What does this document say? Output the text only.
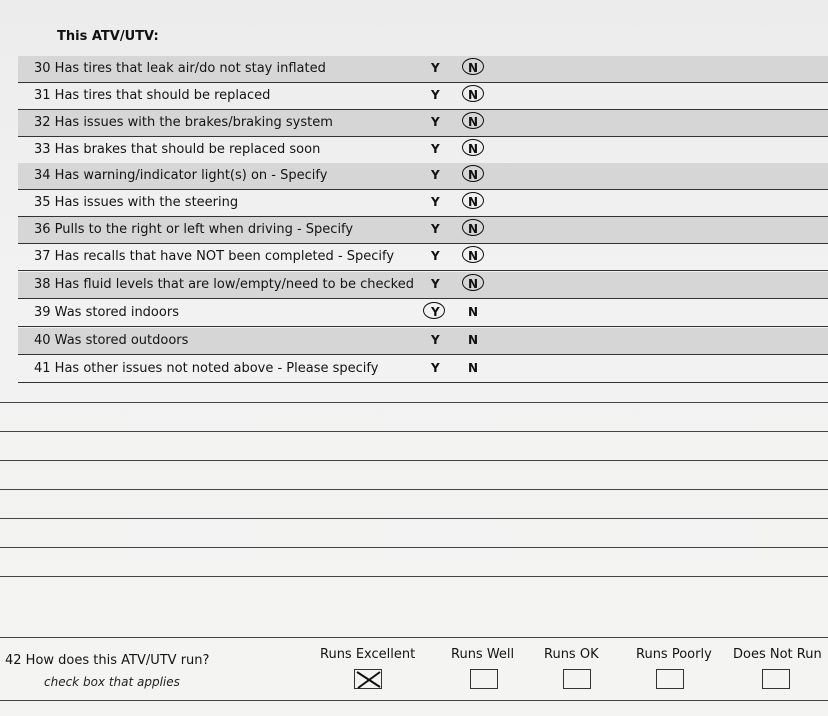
This ATV/UTV:
30 Has tires that leak air/do not stay inflated	Y N
31 Has tires that should be replaced	Y N
32 Has issues with the brakes/braking system	Y N
33 Has brakes that should be replaced soon	Y N
34 Has warning/indicator light(s) on - Specify	Y N
35 Has issues with the steering	Y N
36 Pulls to the right or left when driving - Specify	Y N
37 Has recalls that have NOT been completed - Specify	Y N
38 Has fluid levels that are low/empty/need to be checked Y N
39 Was stored indoors	Y N
40 Was stored outdoors	Y N
41 Has other issues not noted above - Please specify	Y N
42 How does this ATV/UTV run?
check box that applies
Runs Excellent	Runs Well Runs OK	Runs Poorly Does Not Run
